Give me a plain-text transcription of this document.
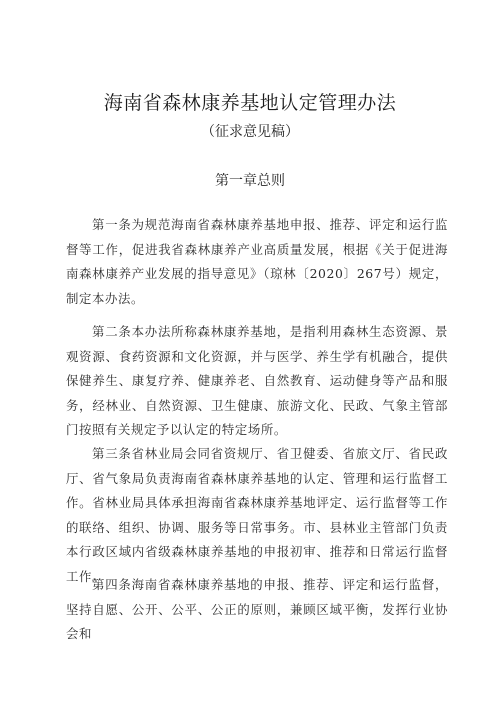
海南省森林康养基地认定管理办法
（征求意见稿）
第一章总则

第一条为规范海南省森林康养基地申报、推荐、评定和运行监督等工作，促进我省森林康养产业高质量发展，根据《关于促进海南森林康养产业发展的指导意见》（琼林〔2020〕267号）规定，制定本办法。

第二条本办法所称森林康养基地，是指利用森林生态资源、景观资源、食药资源和文化资源，并与医学、养生学有机融合，提供保健养生、康复疗养、健康养老、自然教育、运动健身等产品和服务，经林业、自然资源、卫生健康、旅游文化、民政、气象主管部门按照有关规定予以认定的特定场所。

第三条省林业局会同省资规厅、省卫健委、省旅文厅、省民政厅、省气象局负责海南省森林康养基地的认定、管理和运行监督工作。省林业局具体承担海南省森林康养基地评定、运行监督等工作的联络、组织、协调、服务等日常事务。市、县林业主管部门负责本行政区域内省级森林康养基地的申报初审、推荐和日常运行监督工作。

第四条海南省森林康养基地的申报、推荐、评定和运行监督，坚持自愿、公开、公平、公正的原则，兼顾区域平衡，发挥行业协会和
